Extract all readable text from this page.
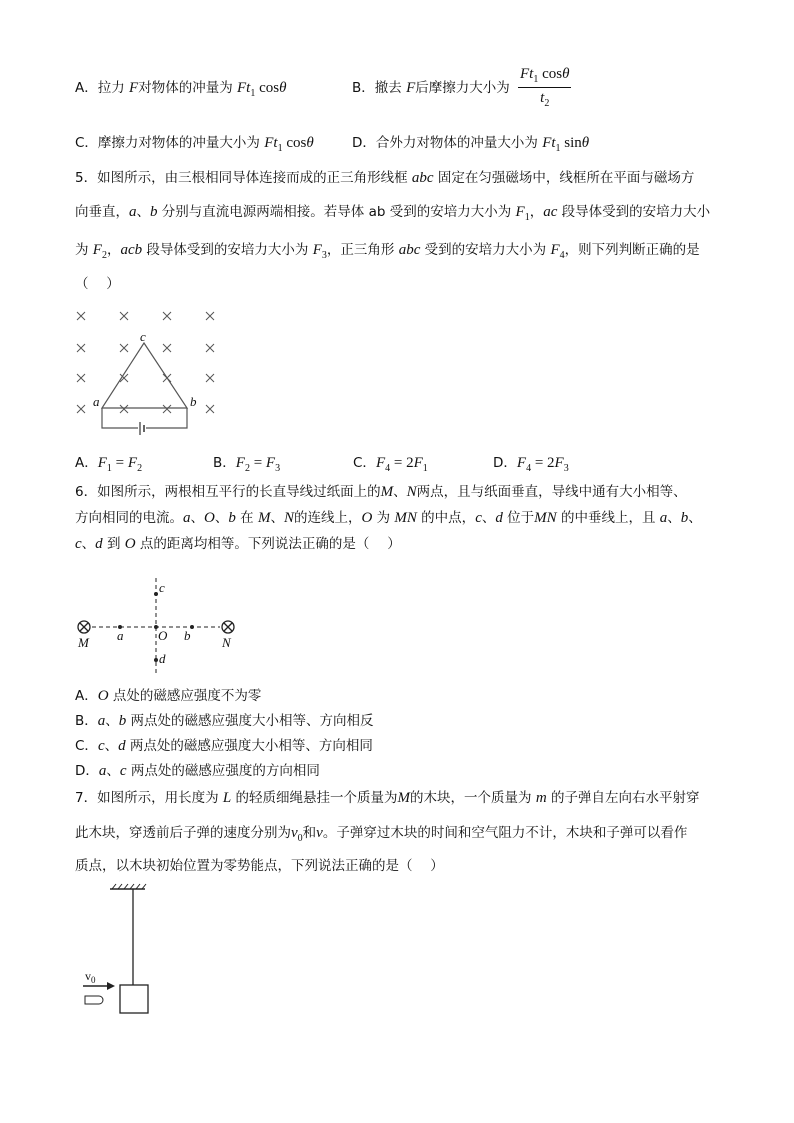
A．拉力 F对物体的冲量为 $Ft_1$ cosθ	B．撤去 F后摩擦力大小为 $\frac{Ft_1 \cos\theta}{t_2}$
C．摩擦力对物体的冲量大小为 $Ft_1$ cosθ	D．合外力对物体的冲量大小为 $Ft_1$ sinθ
5．如图所示，由三根相同导体连接而成的正三角形线框 abc 固定在匀强磁场中，线框所在平面与磁场方
向垂直，a、b 分别与直流电源两端相接。若导体 ab 受到的安培力大小为 $F_1$，ac 段导体受到的安培力大小
为 $F_2$，acb 段导体受到的安培力大小为 $F_3$，正三角形 abc 受到的安培力大小为 $F_4$，则下列判断正确的是
（　 ）
c
a	b
A．$F_1 = F_2$	B．$F_2 = F_3$	C．$F_4 = 2F_1$	D．$F_4 = 2F_3$
6．如图所示，两根相互平行的长直导线过纸面上的M、N两点，且与纸面垂直，导线中通有大小相等、
方向相同的电流。a、O、b 在 M、N的连线上，O 为 MN 的中点，c、d 位于MN 的中垂线上，且 a、b、
c、d 到 O 点的距离均相等。下列说法正确的是（　 ）
M	N
a	O b
c
d
A．O 点处的磁感应强度不为零
B．a、b 两点处的磁感应强度大小相等、方向相反
C．c、d 两点处的磁感应强度大小相等、方向相同
D．a、c 两点处的磁感应强度的方向相同
7．如图所示，用长度为 L 的轻质细绳悬挂一个质量为M的木块，一个质量为 m 的子弹自左向右水平射穿
此木块，穿透前后子弹的速度分别为$v_0$和v。子弹穿过木块的时间和空气阻力不计，木块和子弹可以看作
质点，以木块初始位置为零势能点，下列说法正确的是（　 ）
$v_0$
